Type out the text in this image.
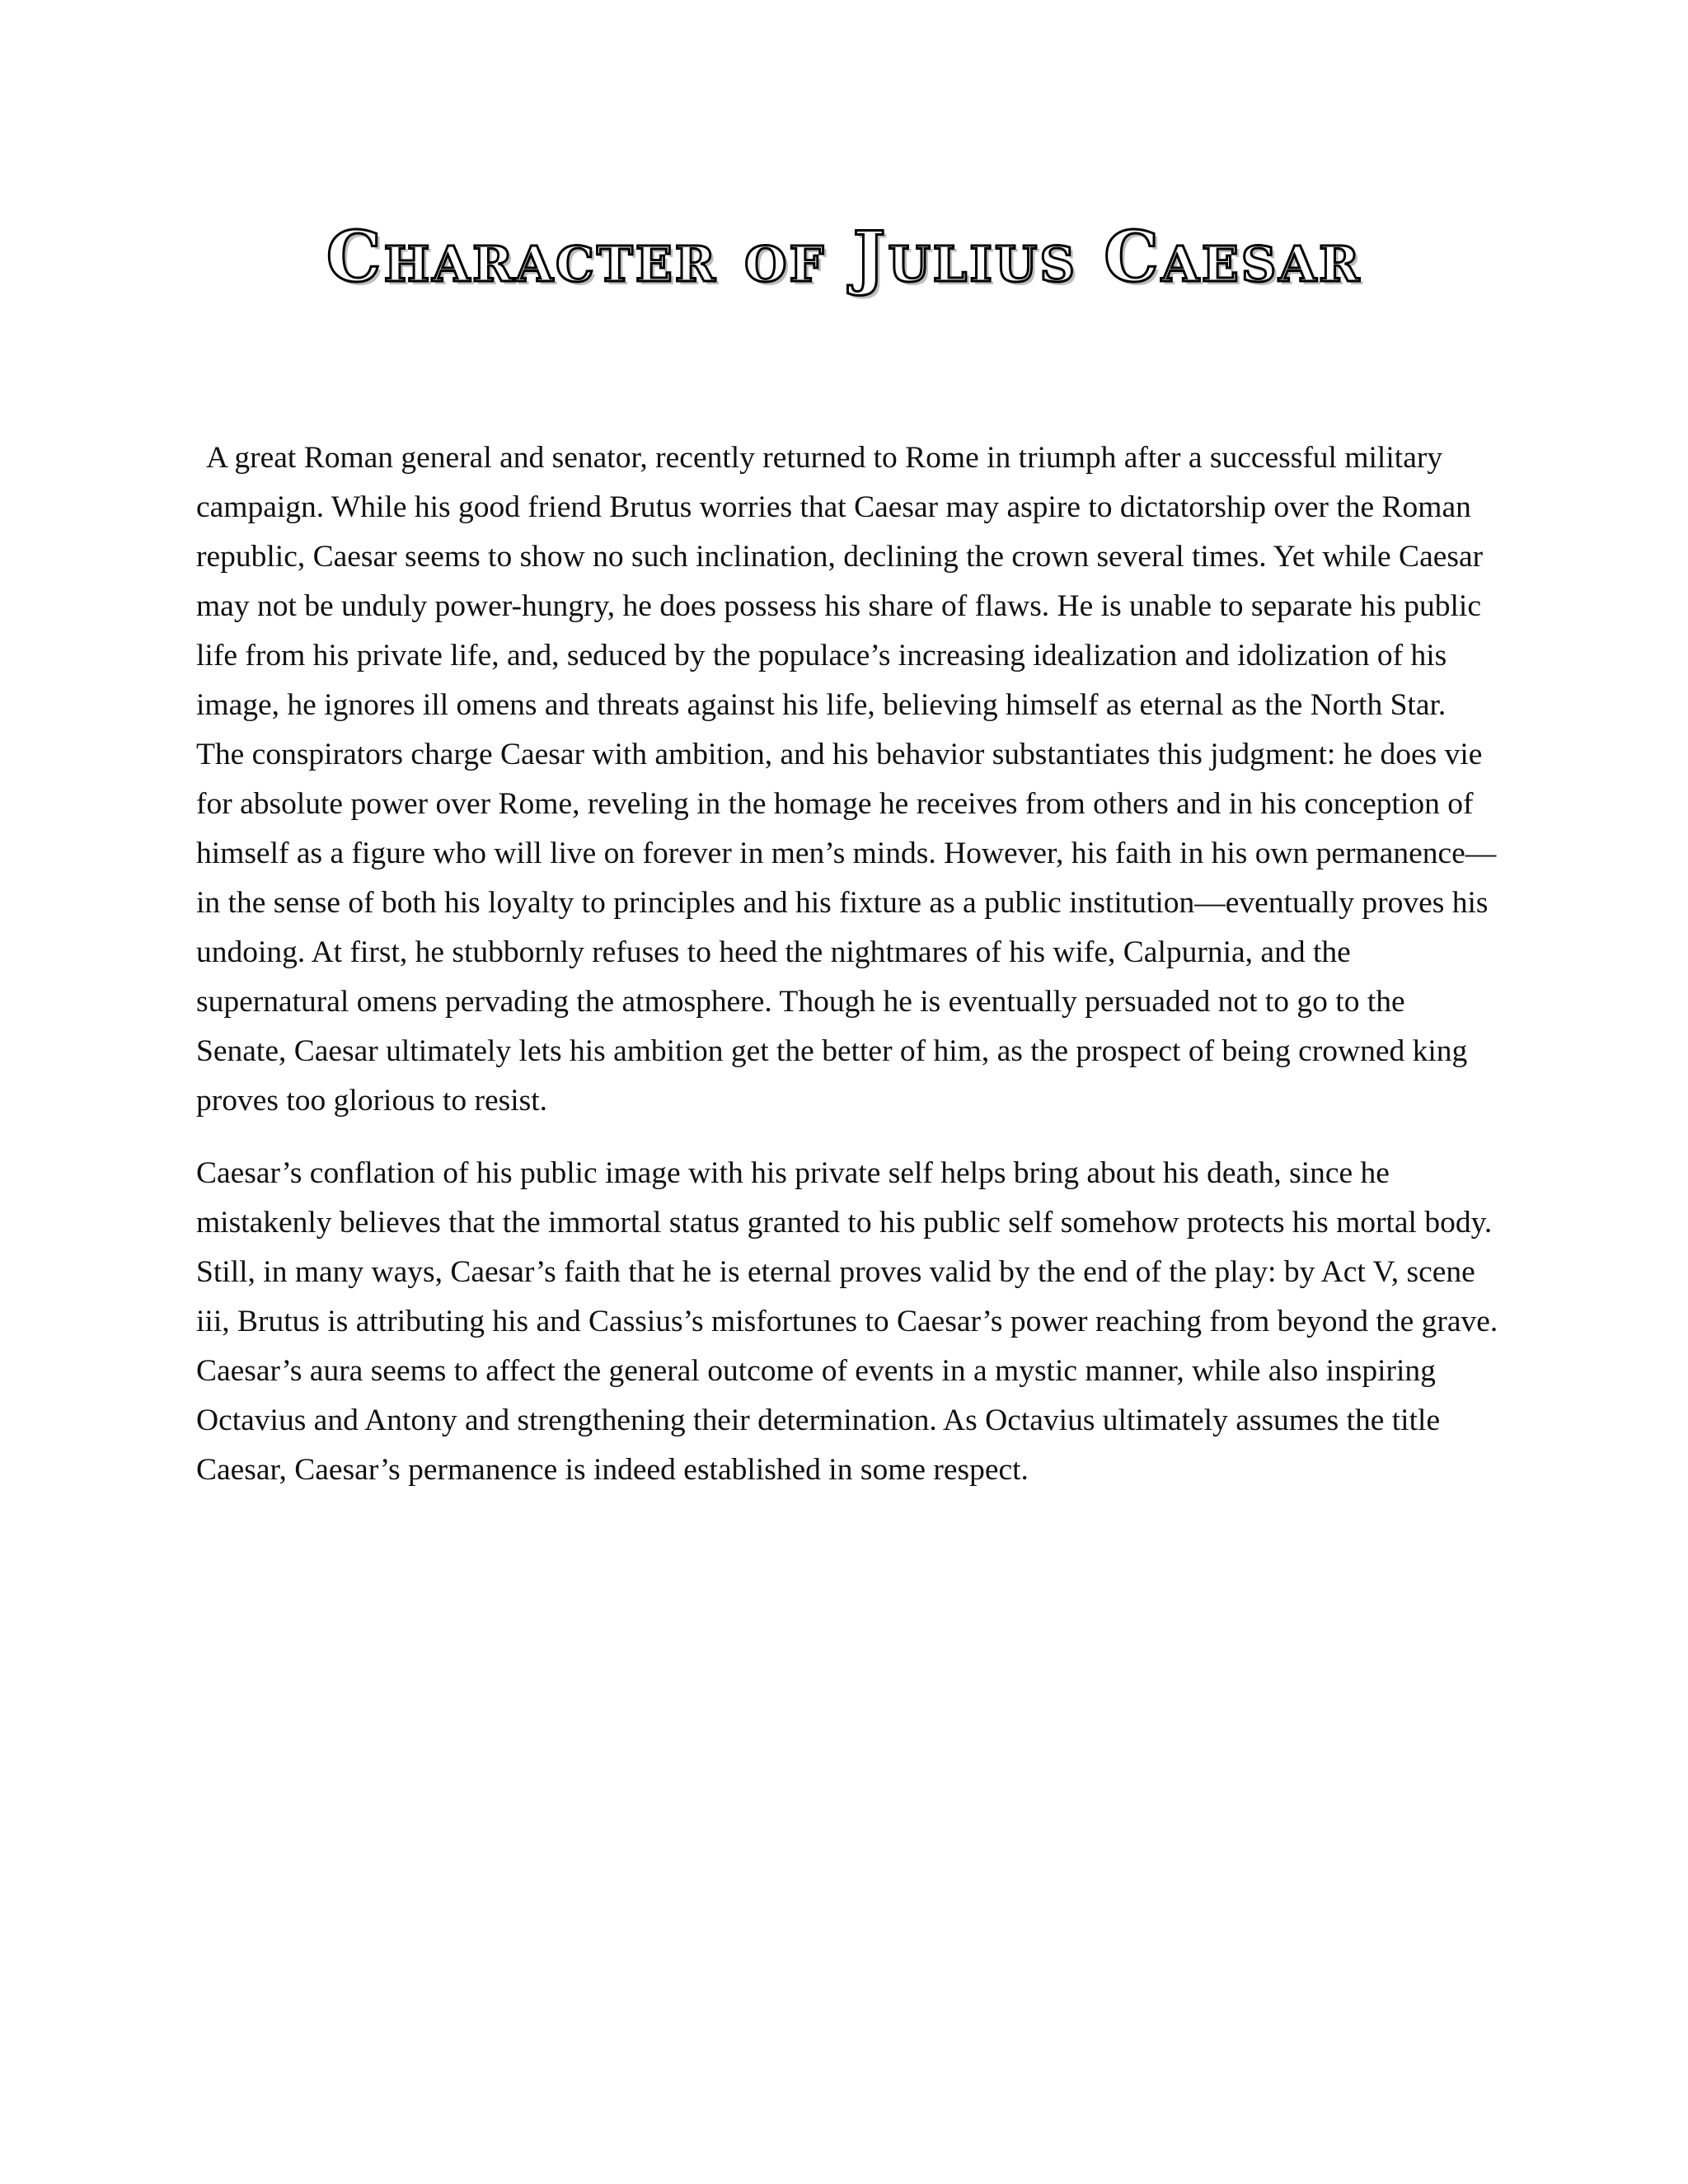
Character of Julius Caesar

A great Roman general and senator, recently returned to Rome in triumph after a successful military campaign. While his good friend Brutus worries that Caesar may aspire to dictatorship over the Roman republic, Caesar seems to show no such inclination, declining the crown several times. Yet while Caesar may not be unduly power-hungry, he does possess his share of flaws. He is unable to separate his public life from his private life, and, seduced by the populace’s increasing idealization and idolization of his image, he ignores ill omens and threats against his life, believing himself as eternal as the North Star. The conspirators charge Caesar with ambition, and his behavior substantiates this judgment: he does vie for absolute power over Rome, reveling in the homage he receives from others and in his conception of himself as a figure who will live on forever in men’s minds. However, his faith in his own permanence—in the sense of both his loyalty to principles and his fixture as a public institution—eventually proves his undoing. At first, he stubbornly refuses to heed the nightmares of his wife, Calpurnia, and the supernatural omens pervading the atmosphere. Though he is eventually persuaded not to go to the Senate, Caesar ultimately lets his ambition get the better of him, as the prospect of being crowned king proves too glorious to resist.

Caesar’s conflation of his public image with his private self helps bring about his death, since he mistakenly believes that the immortal status granted to his public self somehow protects his mortal body. Still, in many ways, Caesar’s faith that he is eternal proves valid by the end of the play: by Act V, scene iii, Brutus is attributing his and Cassius’s misfortunes to Caesar’s power reaching from beyond the grave. Caesar’s aura seems to affect the general outcome of events in a mystic manner, while also inspiring Octavius and Antony and strengthening their determination. As Octavius ultimately assumes the title Caesar, Caesar’s permanence is indeed established in some respect.
